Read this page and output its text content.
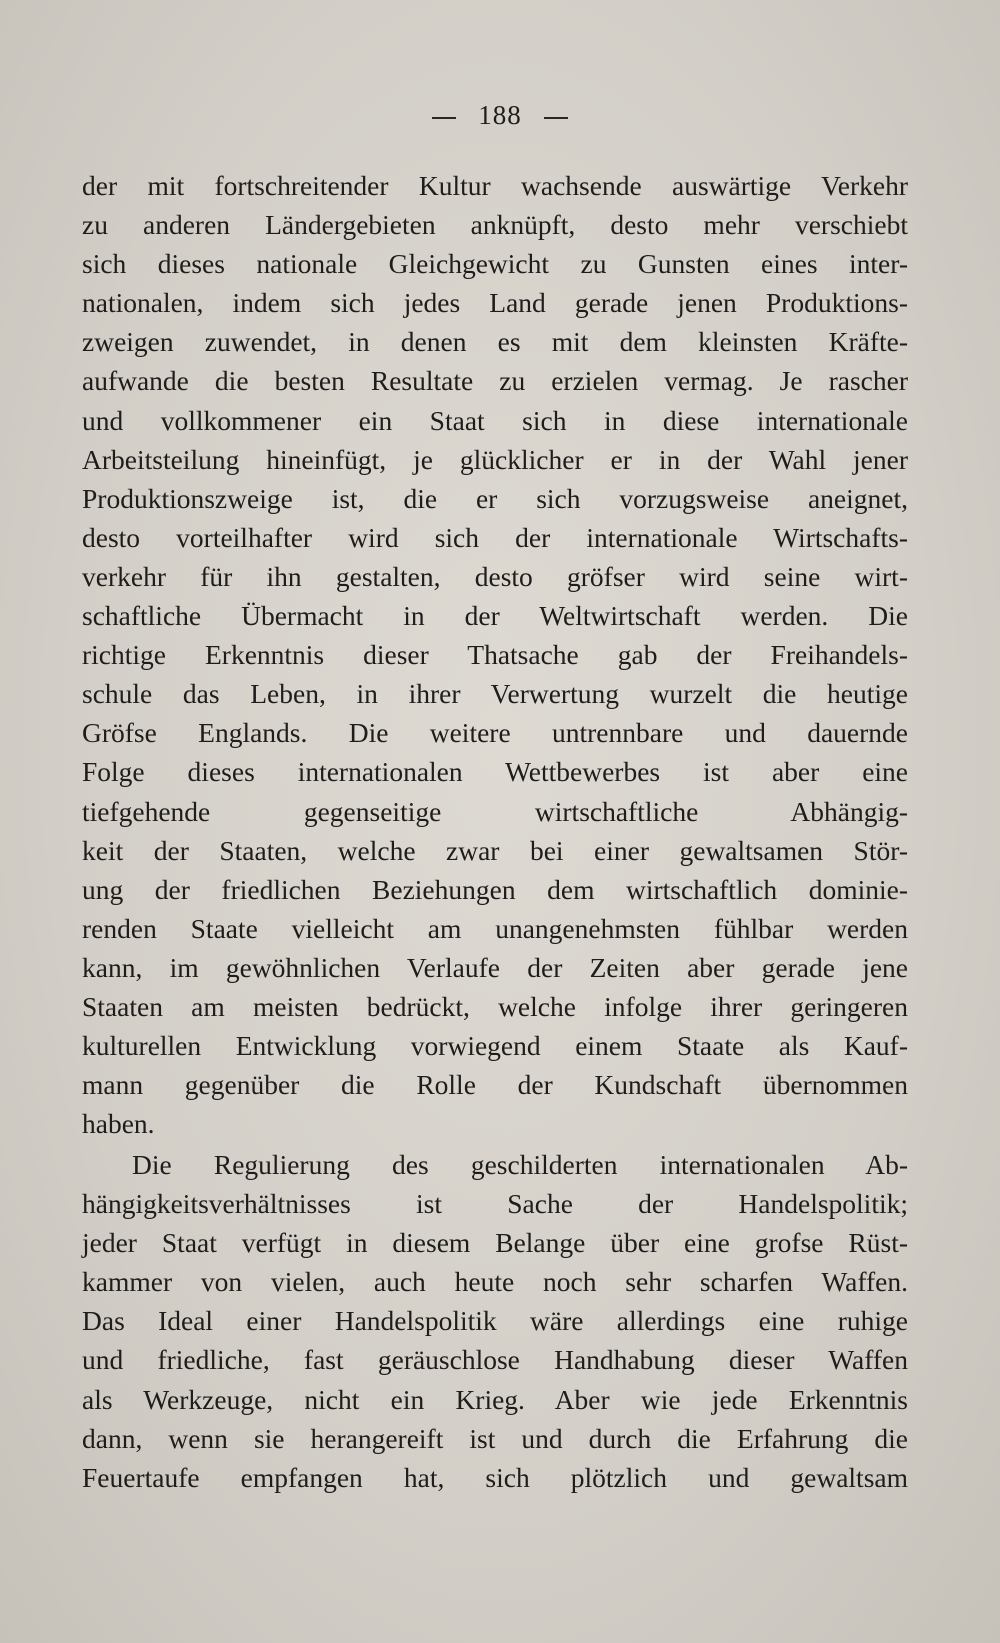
188
der mit fortschreitender Kultur wachsende auswärtige Verkehr
zu anderen Ländergebieten anknüpft, desto mehr verschiebt
sich dieses nationale Gleichgewicht zu Gunsten eines inter-
nationalen, indem sich jedes Land gerade jenen Produktions-
zweigen zuwendet, in denen es mit dem kleinsten Kräfte-
aufwande die besten Resultate zu erzielen vermag. Je rascher
und vollkommener ein Staat sich in diese internationale
Arbeitsteilung hineinfügt, je glücklicher er in der Wahl jener
Produktionszweige ist, die er sich vorzugsweise aneignet,
desto vorteilhafter wird sich der internationale Wirtschafts-
verkehr für ihn gestalten, desto gröfser wird seine wirt-
schaftliche Übermacht in der Weltwirtschaft werden. Die
richtige Erkenntnis dieser Thatsache gab der Freihandels-
schule das Leben, in ihrer Verwertung wurzelt die heutige
Gröfse Englands. Die weitere untrennbare und dauernde
Folge dieses internationalen Wettbewerbes ist aber eine
tiefgehende gegenseitige wirtschaftliche Abhängig-
keit der Staaten, welche zwar bei einer gewaltsamen Stör-
ung der friedlichen Beziehungen dem wirtschaftlich dominie-
renden Staate vielleicht am unangenehmsten fühlbar werden
kann, im gewöhnlichen Verlaufe der Zeiten aber gerade jene
Staaten am meisten bedrückt, welche infolge ihrer geringeren
kulturellen Entwicklung vorwiegend einem Staate als Kauf-
mann gegenüber die Rolle der Kundschaft übernommen
haben.
Die Regulierung des geschilderten internationalen Ab-
hängigkeitsverhältnisses ist Sache der Handelspolitik;
jeder Staat verfügt in diesem Belange über eine grofse Rüst-
kammer von vielen, auch heute noch sehr scharfen Waffen.
Das Ideal einer Handelspolitik wäre allerdings eine ruhige
und friedliche, fast geräuschlose Handhabung dieser Waffen
als Werkzeuge, nicht ein Krieg. Aber wie jede Erkenntnis
dann, wenn sie herangereift ist und durch die Erfahrung die
Feuertaufe empfangen hat, sich plötzlich und gewaltsam
